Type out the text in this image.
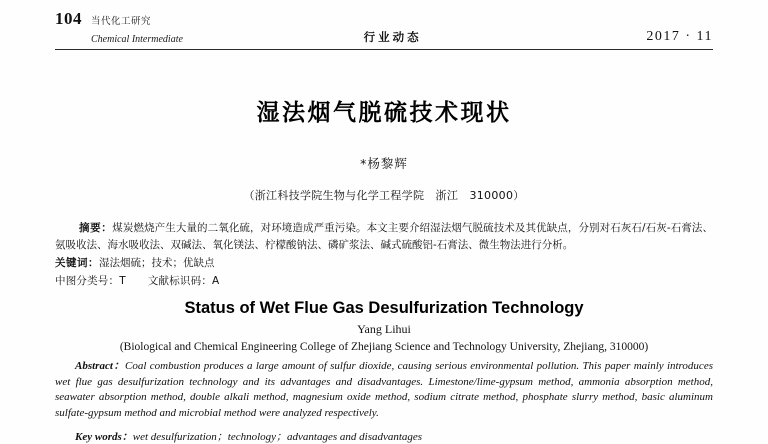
104 当代化工研究
Chemical Intermediate	行业动态	2017 · 11
湿法烟气脱硫技术现状
*杨黎辉
（浙江科技学院生物与化学工程学院　浙江　310000）

摘要：煤炭燃烧产生大量的二氧化硫，对环境造成严重污染。本文主要介绍湿法烟气脱硫技术及其优缺点，分别对石灰石/石灰-石膏法、氨吸收法、海水吸收法、双碱法、氧化镁法、柠檬酸钠法、磷矿浆法、碱式硫酸铝-石膏法、微生物法进行分析。

关键词：湿法烟硫；技术；优缺点

中图分类号：T 文献标识码：A

Status of Wet Flue Gas Desulfurization Technology
Yang Lihui
(Biological and Chemical Engineering College of Zhejiang Science and Technology University, Zhejiang, 310000)
Abstract：Coal combustion produces a large amount of sulfur dioxide, causing serious environmental pollution. This paper mainly introduces wet flue gas desulfurization technology and its advantages and disadvantages. Limestone/lime-gypsum method, ammonia absorption method, seawater absorption method, double alkali method, magnesium oxide method, sodium citrate method, phosphate slurry method, basic aluminum sulfate-gypsum method and microbial method were analyzed respectively.
Key words：wet desulfurization；technology；advantages and disadvantages
